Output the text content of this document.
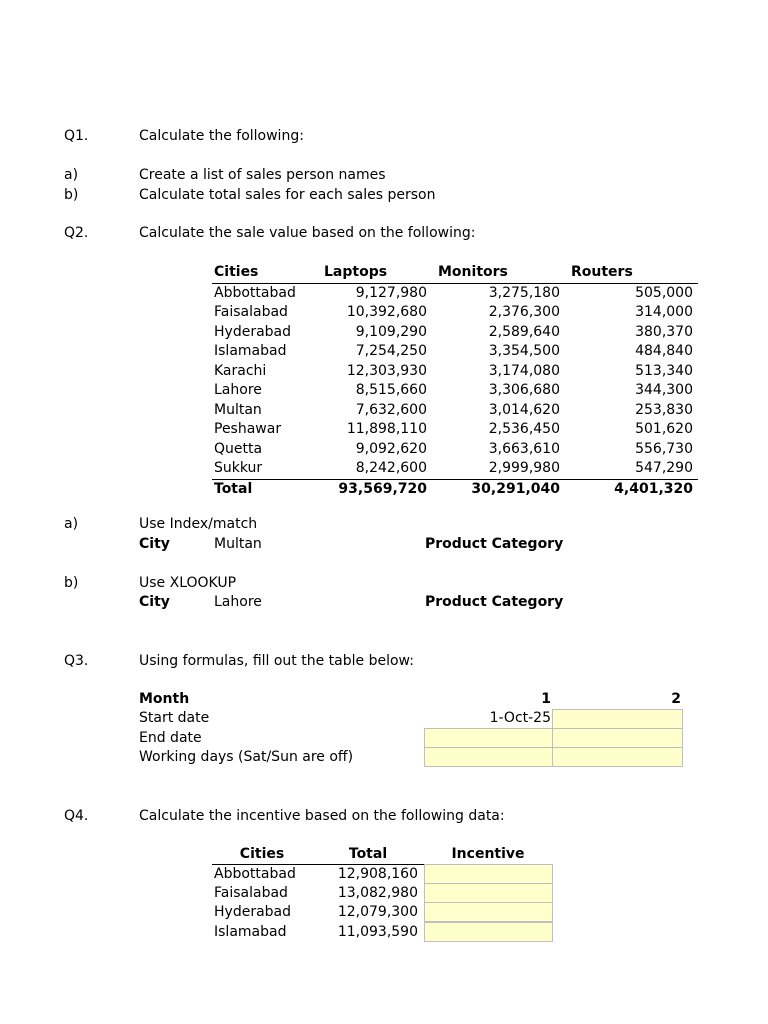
Q1.	Calculate the following:
a)	Create a list of sales person names
b)	Calculate total sales for each sales person
Q2.	Calculate the sale value based on the following:
Cities	Laptops	Monitors	Routers
Abbottabad	9,127,980	3,275,180	505,000
Faisalabad	10,392,680	2,376,300	314,000
Hyderabad	9,109,290	2,589,640	380,370
Islamabad	7,254,250	3,354,500	484,840
Karachi	12,303,930	3,174,080	513,340
Lahore	8,515,660	3,306,680	344,300
Multan	7,632,600	3,014,620	253,830
Peshawar	11,898,110	2,536,450	501,620
Quetta	9,092,620	3,663,610	556,730
Sukkur	8,242,600	2,999,980	547,290
Total	93,569,720	30,291,040	4,401,320
a)	Use Index/match
City	Multan	Product Category
b)	Use XLOOKUP
City	Lahore	Product Category
Q3.	Using formulas, fill out the table below:
Month	1	2
Start date	1-Oct-25
End date
Working days (Sat/Sun are off)
Q4.	Calculate the incentive based on the following data:
Cities	Total	Incentive
Abbottabad	12,908,160
Faisalabad	13,082,980
Hyderabad	12,079,300
Islamabad	11,093,590
